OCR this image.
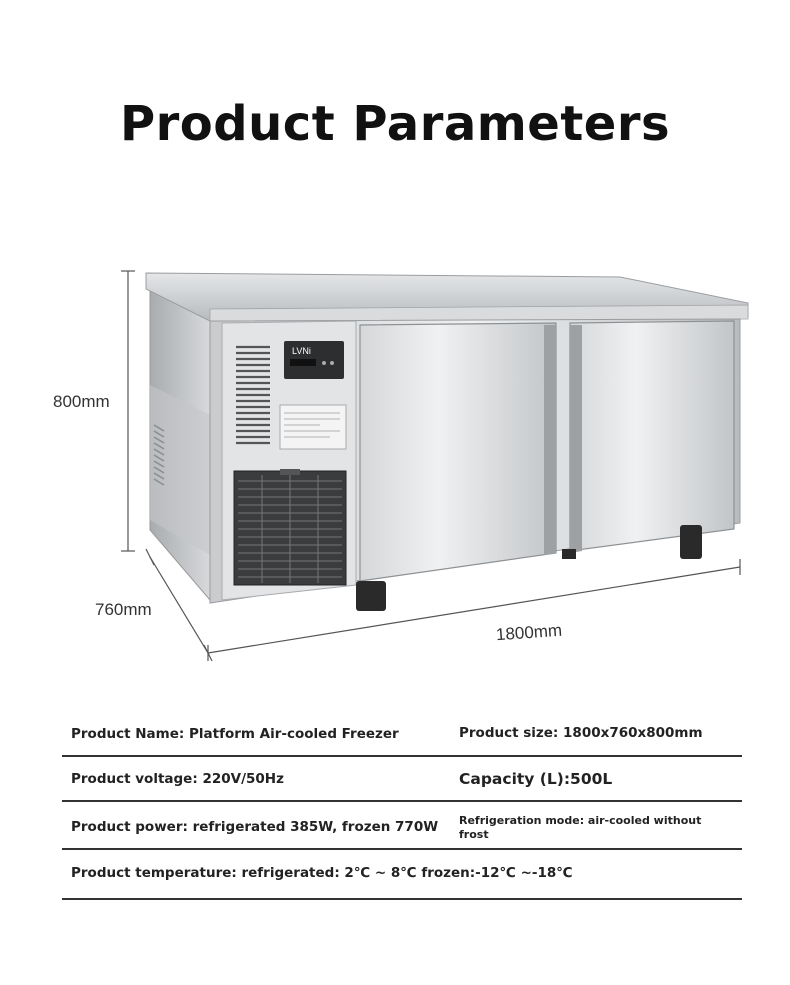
Product Parameters
LVNi
800mm
760mm
1800mm
Product Name: Platform Air-cooled Freezer	Product size: 1800x760x800mm
Product voltage: 220V/50Hz	Capacity (L):500L
Product power: refrigerated 385W, frozen 770W Refrigeration mode: air-cooled without frost
Product temperature: refrigerated: 2℃ ~ 8℃ frozen:-12℃ ~-18℃
